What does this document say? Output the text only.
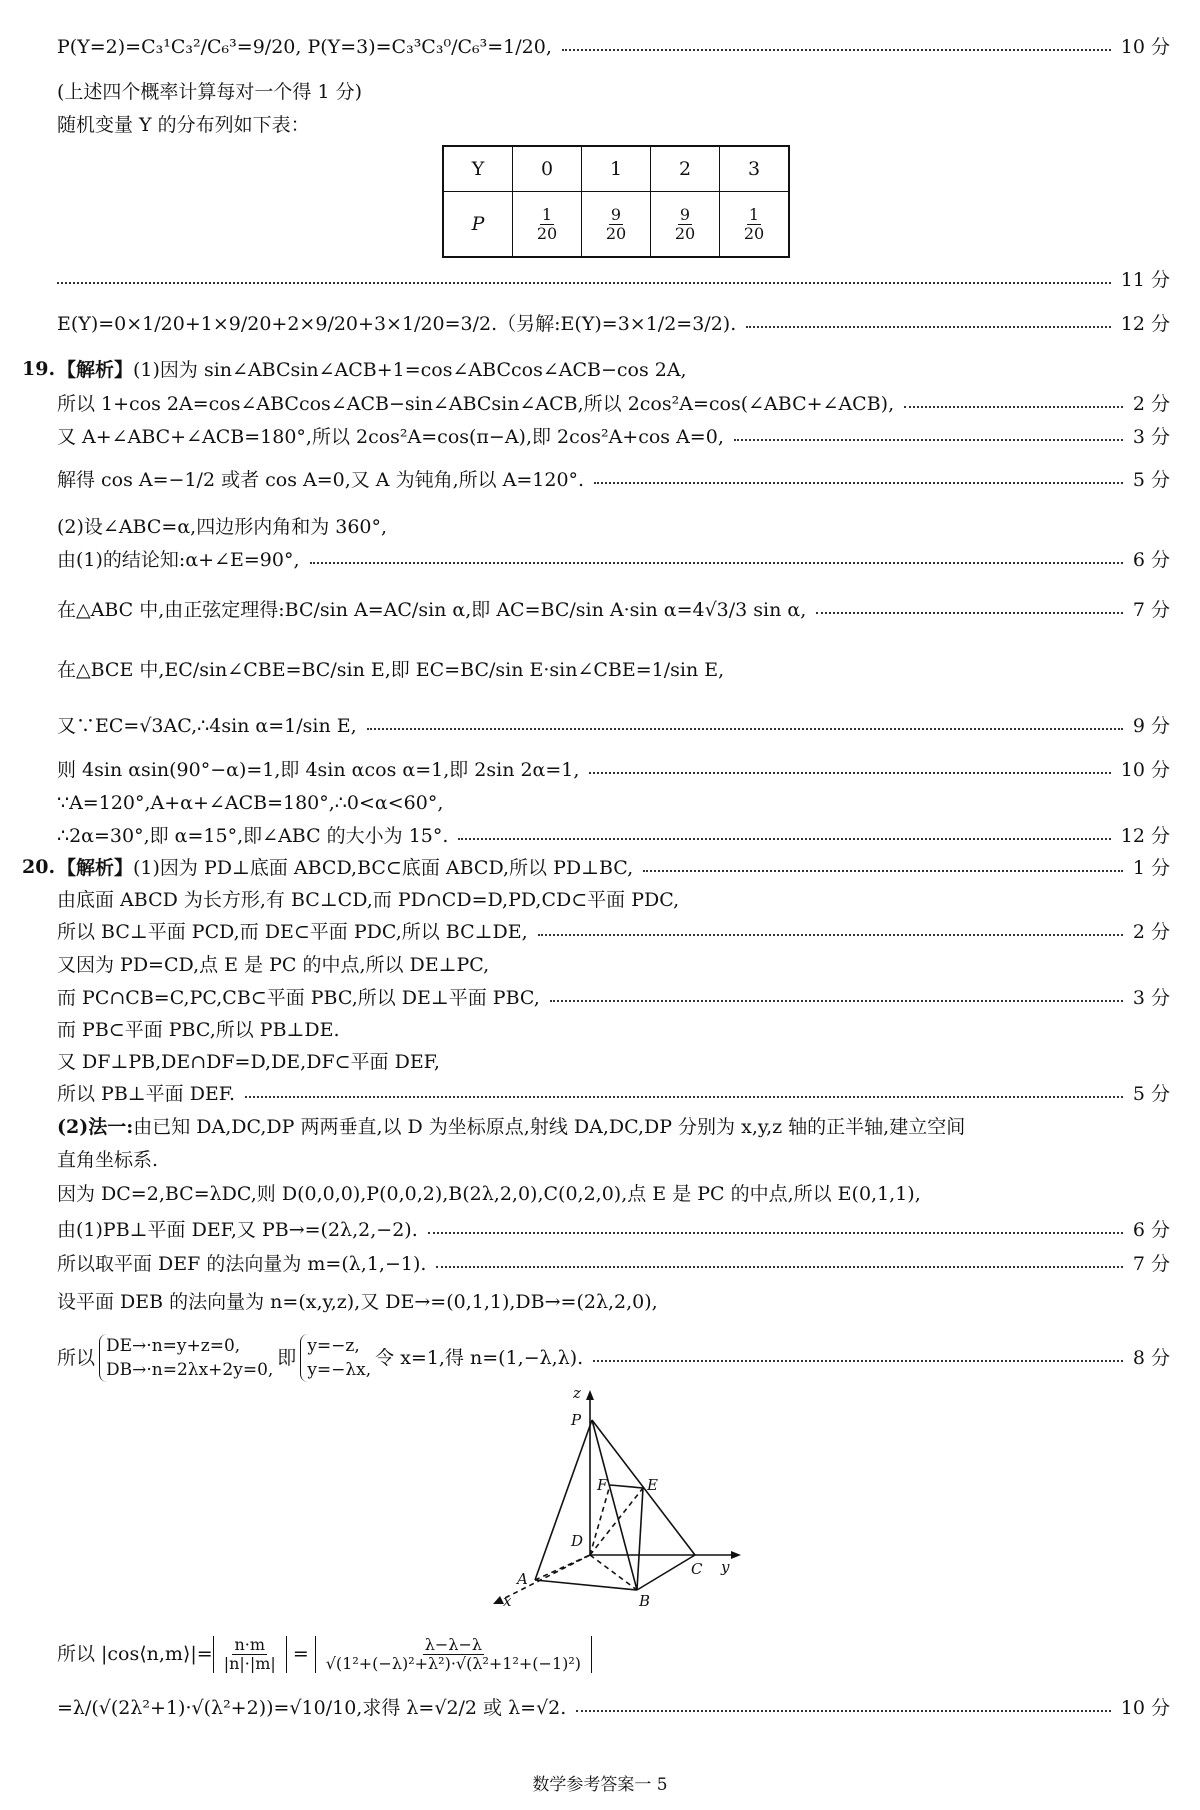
P(Y=2)=C₃¹C₃²/C₆³=9/20, P(Y=3)=C₃³C₃⁰/C₆³=1/20,	10 分
(上述四个概率计算每对一个得 1 分)
随机变量 Y 的分布列如下表：
Y	0	1	2	3
P	$\frac{1}{20}$	$\frac{9}{20}$	$\frac{9}{20}$	$\frac{1}{20}$
11 分
E(Y)=0×1/20+1×9/20+2×9/20+3×1/20=3/2.（另解:E(Y)=3×1/2=3/2).	12 分
19. 【解析】 (1)因为 sin∠ABCsin∠ACB+1=cos∠ABCcos∠ACB−cos 2A,
所以 1+cos 2A=cos∠ABCcos∠ACB−sin∠ABCsin∠ACB,所以 2cos²A=cos(∠ABC+∠ACB),	2 分
又 A+∠ABC+∠ACB=180°,所以 2cos²A=cos(π−A),即 2cos²A+cos A=0,	3 分
解得 cos A=−1/2 或者 cos A=0,又 A 为钝角,所以 A=120°.	5 分
(2)设∠ABC=α,四边形内角和为 360°,
由(1)的结论知:α+∠E=90°,	6 分
在△ABC 中,由正弦定理得:BC/sin A=AC/sin α,即 AC=BC/sin A·sin α=4√3/3 sin α,	7 分
在△BCE 中,EC/sin∠CBE=BC/sin E,即 EC=BC/sin E·sin∠CBE=1/sin E,
又∵EC=√3AC,∴4sin α=1/sin E,	9 分
则 4sin αsin(90°−α)=1,即 4sin αcos α=1,即 2sin 2α=1,	10 分
∵A=120°,A+α+∠ACB=180°,∴0<α<60°,
∴2α=30°,即 α=15°,即∠ABC 的大小为 15°.	12 分
20. 【解析】 (1)因为 PD⊥底面 ABCD,BC⊂底面 ABCD,所以 PD⊥BC,	1 分
由底面 ABCD 为长方形,有 BC⊥CD,而 PD∩CD=D,PD,CD⊂平面 PDC,
所以 BC⊥平面 PCD,而 DE⊂平面 PDC,所以 BC⊥DE,	2 分
又因为 PD=CD,点 E 是 PC 的中点,所以 DE⊥PC,
而 PC∩CB=C,PC,CB⊂平面 PBC,所以 DE⊥平面 PBC,	3 分
而 PB⊂平面 PBC,所以 PB⊥DE.
又 DF⊥PB,DE∩DF=D,DE,DF⊂平面 DEF,
所以 PB⊥平面 DEF.	5 分
(2)法一: 由已知 DA,DC,DP 两两垂直,以 D 为坐标原点,射线 DA,DC,DP 分别为 x,y,z 轴的正半轴,建立空间
直角坐标系.
因为 DC=2,BC=λDC,则 D(0,0,0),P(0,0,2),B(2λ,2,0),C(0,2,0),点 E 是 PC 的中点,所以 E(0,1,1),
由(1)PB⊥平面 DEF,又 PB→=(2λ,2,−2).	6 分
所以取平面 DEF 的法向量为 m=(λ,1,−1).	7 分
设平面 DEB 的法向量为 n=(x,y,z),又 DE→=(0,1,1),DB→=(2λ,2,0),
所以
DE→·n=y+z=0,
DB→·n=2λx+2y=0,
即
y=−z,
y=−λx,
令 x=1,得 n=(1,−λ,λ).	8 分
z
P
E
F
D
C y
A
B
x
所以 |cos⟨n,m⟩|= $\frac{n\cdot m}{|n|\cdot|m|} = \frac{\lambda-\lambda-\lambda}{\text{√(1²+(−λ)²+λ²)·√(λ²+1²+(−1)²)}}$
=λ/(√(2λ²+1)·√(λ²+2))=√10/10,求得 λ=√2/2 或 λ=√2.	10 分
数学参考答案一 5
